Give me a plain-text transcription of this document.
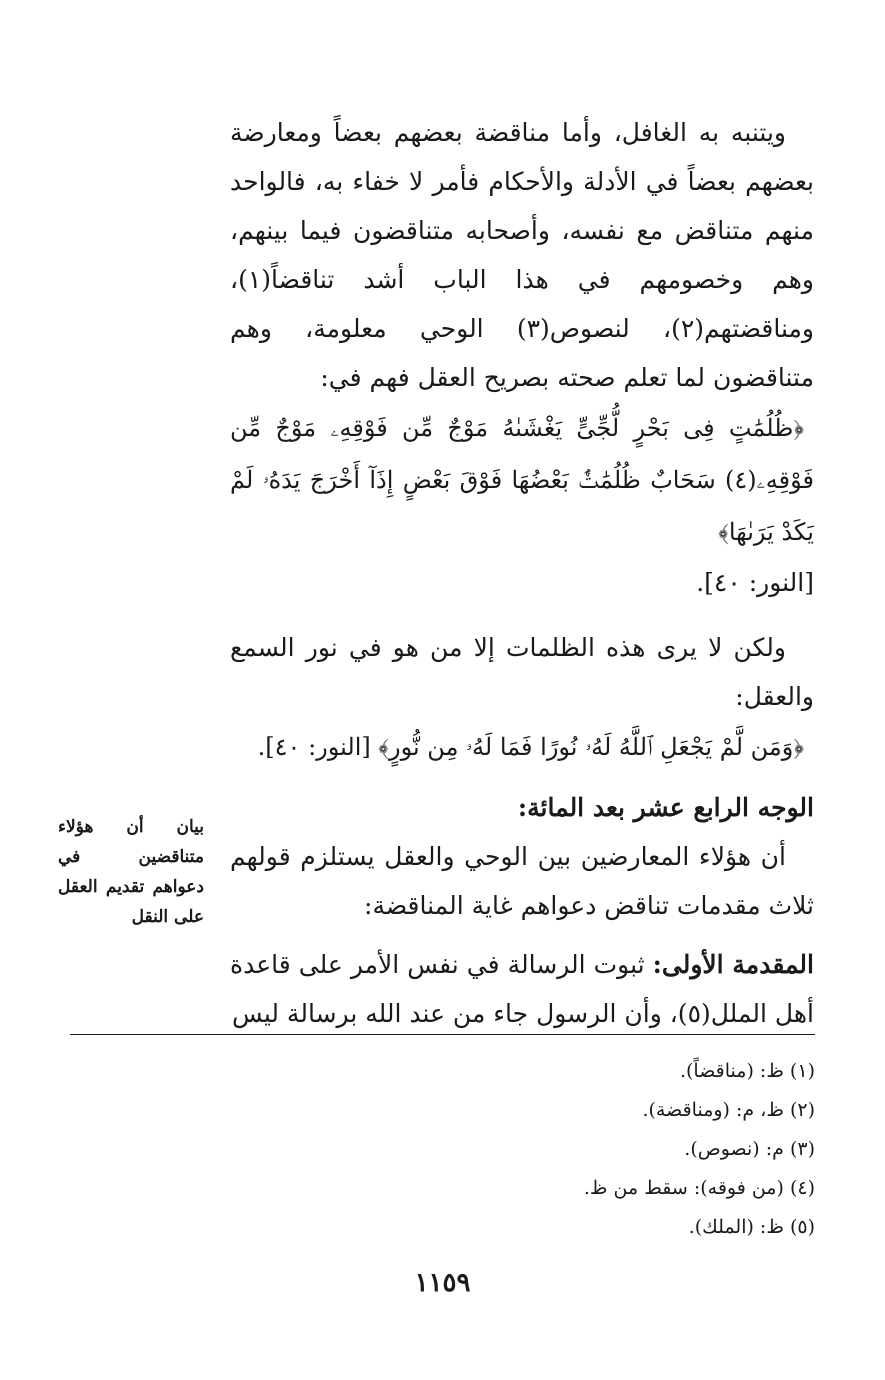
ويتنبه به الغافل، وأما مناقضة بعضهم بعضاً ومعارضة بعضهم بعضاً في الأدلة والأحكام فأمر لا خفاء به، فالواحد منهم متناقض مع نفسه، وأصحابه متناقضون فيما بينهم، وهم وخصومهم في هذا الباب أشد تناقضاً(١)، ومناقضتهم(٢)، لنصوص(٣) الوحي معلومة، وهم متناقضون لما تعلم صحته بصريح العقل فهم في:

﴿ظُلُمَٰتٍ فِى بَحْرٍ لُّجِّىٍّ يَغْشَىٰهُ مَوْجٌ مِّن فَوْقِهِۦ مَوْجٌ مِّن فَوْقِهِۦ(٤) سَحَابٌ ظُلُمَٰتٌۢ بَعْضُهَا فَوْقَ بَعْضٍ إِذَآ أَخْرَجَ يَدَهُۥ لَمْ يَكَدْ يَرَىٰهَا﴾

[النور: ٤٠].

ولكن لا يرى هذه الظلمات إلا من هو في نور السمع والعقل:

﴿وَمَن لَّمْ يَجْعَلِ ٱللَّهُ لَهُۥ نُورًا فَمَا لَهُۥ مِن نُّورٍ﴾ [النور: ٤٠].

الوجه الرابع عشر بعد المائة:

أن هؤلاء المعارضين بين الوحي والعقل يستلزم قولهم ثلاث مقدمات تناقض دعواهم غاية المناقضة:

المقدمة الأولى: ثبوت الرسالة في نفس الأمر على قاعدة أهل الملل(٥)، وأن الرسول جاء من عند الله برسالة ليس

بيان أن هؤلاء متناقضين في دعواهم تقديم العقل على النقل
(١) ظ: (مناقضاً).
(٢) ظ، م: (ومناقضة).
(٣) م: (نصوص).
(٤) (من فوقه): سقط من ظ.
(٥) ظ: (الملك).
١١٥٩
